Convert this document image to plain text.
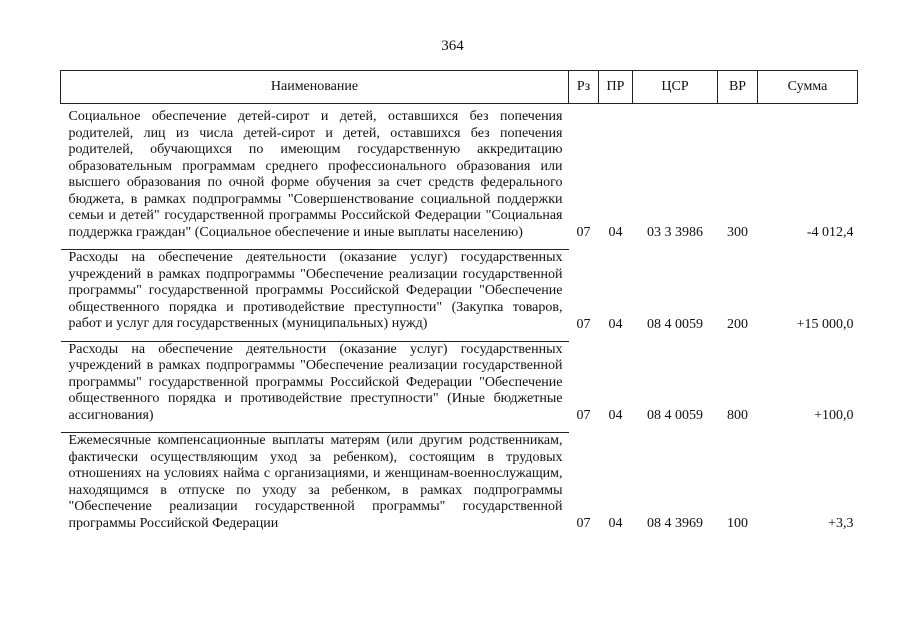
364
Наименование	Рз	ПР	ЦСР	ВР	Сумма
Социальное обеспечение детей-сирот и детей, оставшихся без попечения родителей, лиц из числа детей-сирот и детей, оставшихся без попечения родителей, обучающихся по имеющим государственную аккредитацию образовательным программам среднего профессионального образования или высшего образования по очной форме обучения за счет средств федерального бюджета, в рамках подпрограммы "Совершенствование социальной поддержки семьи и детей" государственной программы Российской Федерации "Социальная поддержка граждан" (Социальное обеспечение и иные выплаты населению)	07	04	03 3 3986	300	-4 012,4
Расходы на обеспечение деятельности (оказание услуг) государственных учреждений в рамках подпрограммы "Обеспечение реализации государственной программы" государственной программы Российской Федерации "Обеспечение общественного порядка и противодействие преступности" (Закупка товаров, работ и услуг для государственных (муниципальных) нужд)	07	04	08 4 0059	200	+15 000,0
Расходы на обеспечение деятельности (оказание услуг) государственных учреждений в рамках подпрограммы "Обеспечение реализации государственной программы" государственной программы Российской Федерации "Обеспечение общественного порядка и противодействие преступности" (Иные бюджетные ассигнования)	07	04	08 4 0059	800	+100,0
Ежемесячные компенсационные выплаты матерям (или другим родственникам, фактически осуществляющим уход за ребенком), состоящим в трудовых отношениях на условиях найма с организациями, и женщинам-военнослужащим, находящимся в отпуске по уходу за ребенком, в рамках подпрограммы "Обеспечение реализации государственной программы" государственной программы Российской Федерации	07	04	08 4 3969	100	+3,3
